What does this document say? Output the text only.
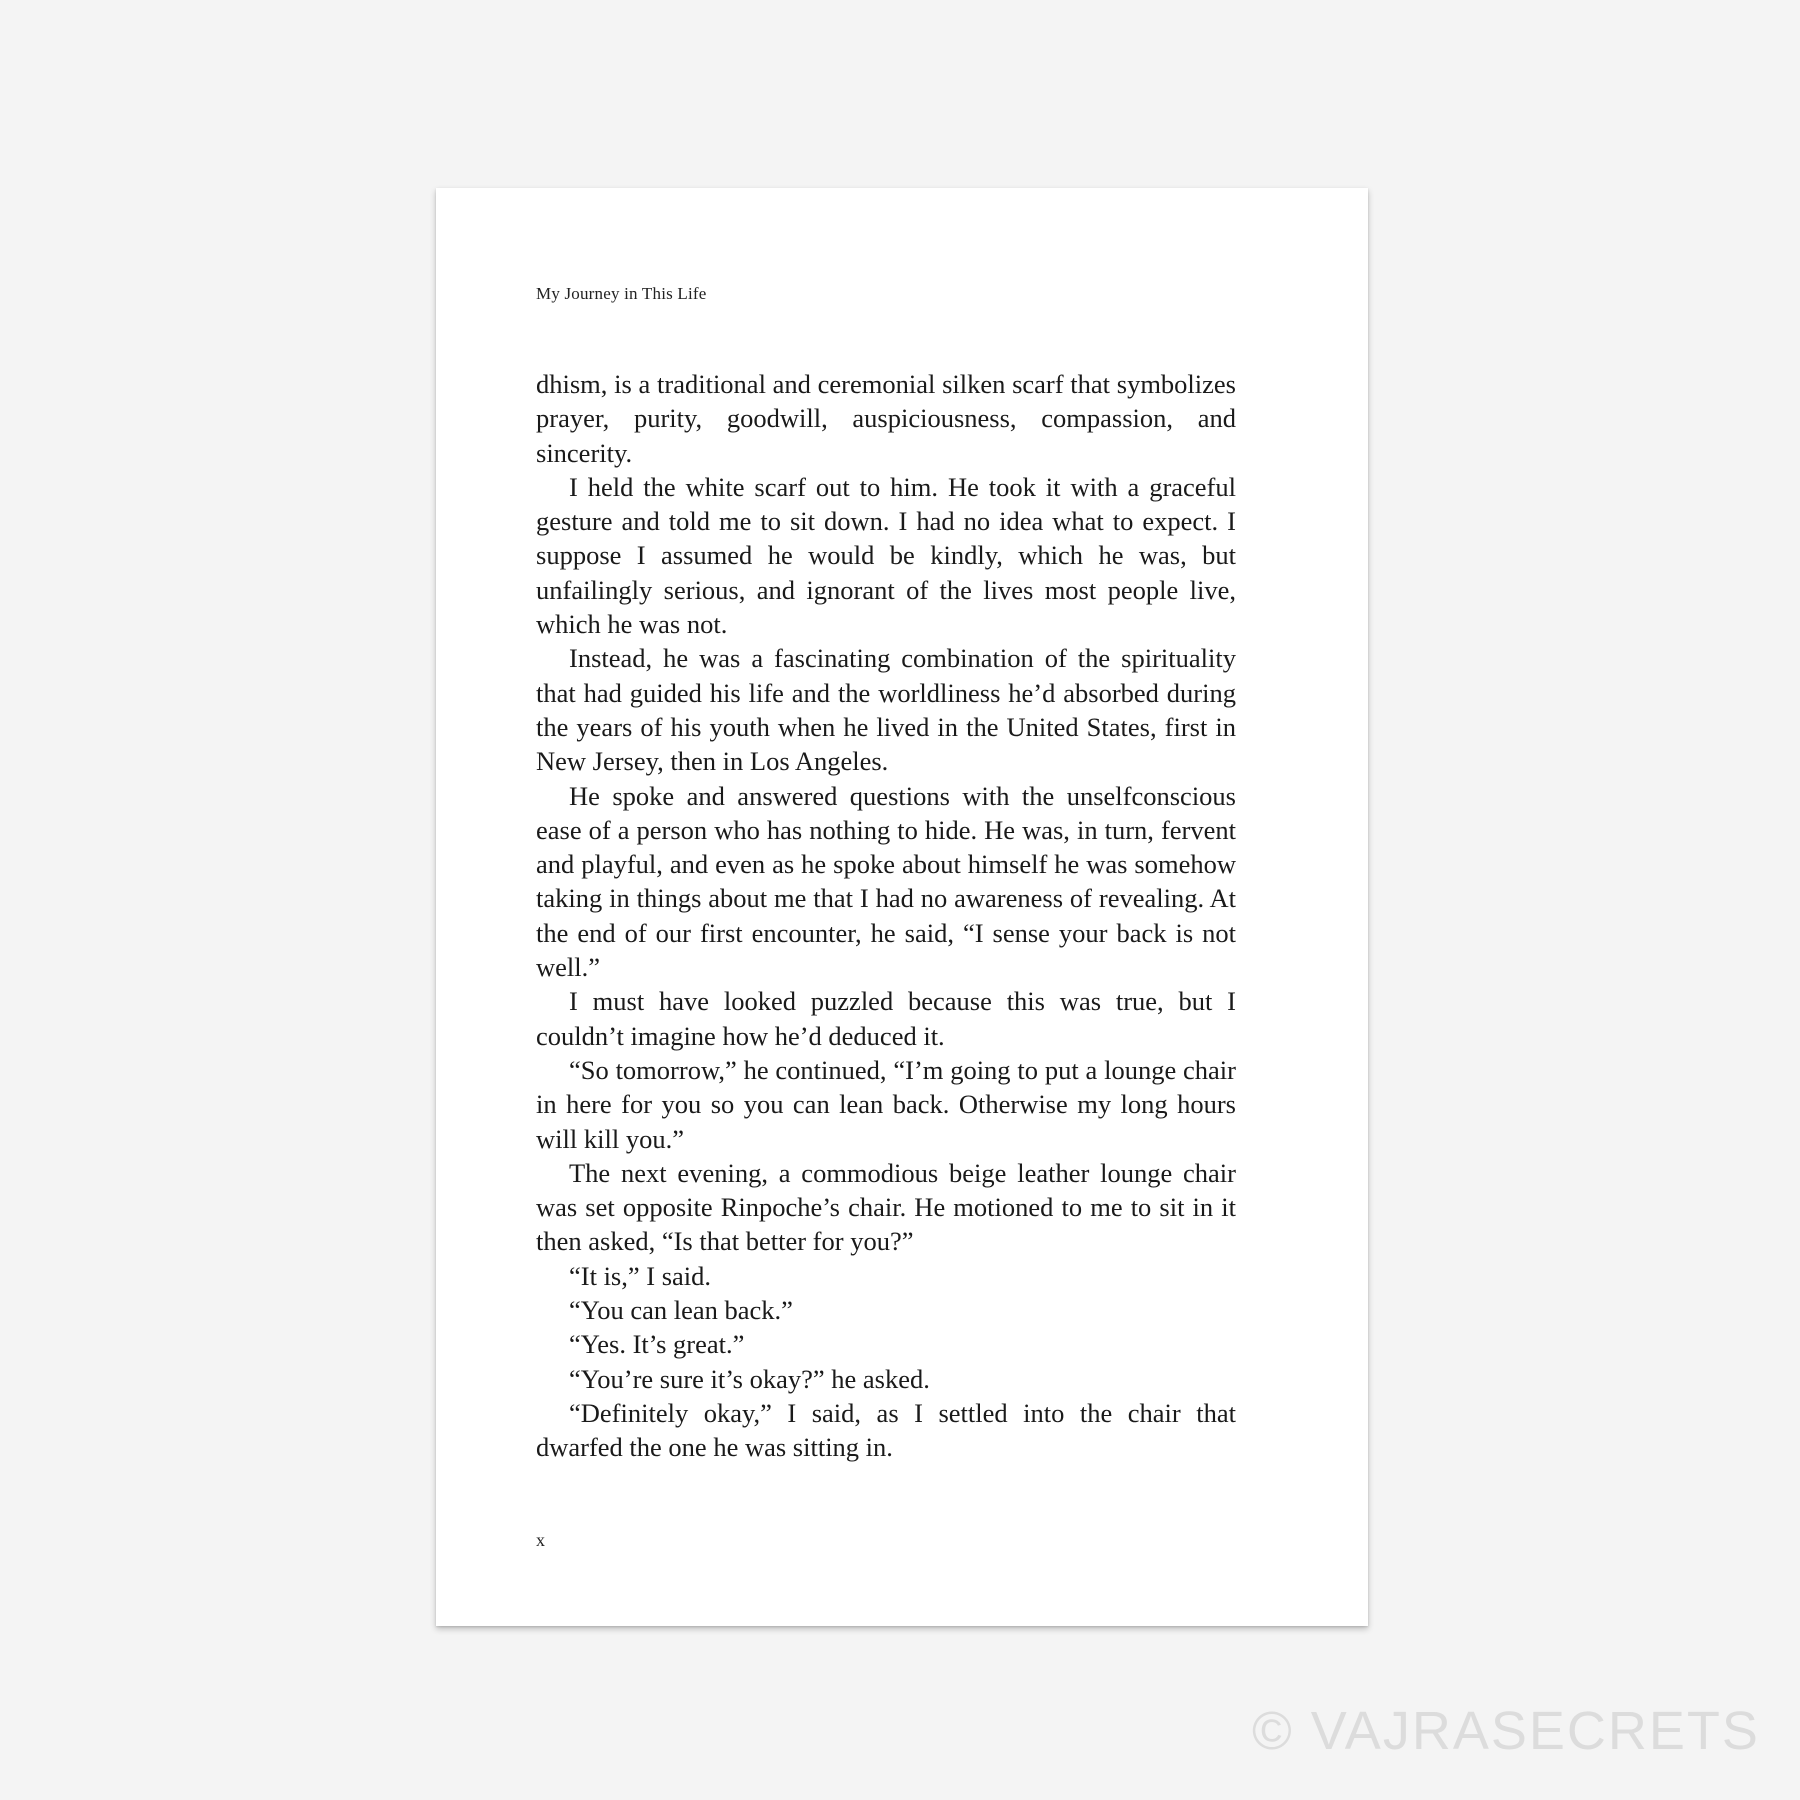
My Journey in This Life

dhism, is a traditional and ceremonial silken scarf that symbolizes prayer, purity, goodwill, auspiciousness, compassion, and sincerity.

I held the white scarf out to him. He took it with a graceful gesture and told me to sit down. I had no idea what to expect. I suppose I assumed he would be kindly, which he was, but unfailingly serious, and ignorant of the lives most people live, which he was not.

Instead, he was a fascinating combination of the spirituality that had guided his life and the worldliness he’d absorbed during the years of his youth when he lived in the United States, first in New Jersey, then in Los Angeles.

He spoke and answered questions with the unselfconscious ease of a person who has nothing to hide. He was, in turn, fervent and playful, and even as he spoke about himself he was somehow taking in things about me that I had no awareness of revealing. At the end of our first encounter, he said, “I sense your back is not well.”

I must have looked puzzled because this was true, but I couldn’t imagine how he’d deduced it.

“So tomorrow,” he continued, “I’m going to put a lounge chair in here for you so you can lean back. Otherwise my long hours will kill you.”

The next evening, a commodious beige leather lounge chair was set opposite Rinpoche’s chair. He motioned to me to sit in it then asked, “Is that better for you?”

“It is,” I said.

“You can lean back.”

“Yes. It’s great.”

“You’re sure it’s okay?” he asked.

“Definitely okay,” I said, as I settled into the chair that dwarfed the one he was sitting in.

x
© VAJRASECRETS
